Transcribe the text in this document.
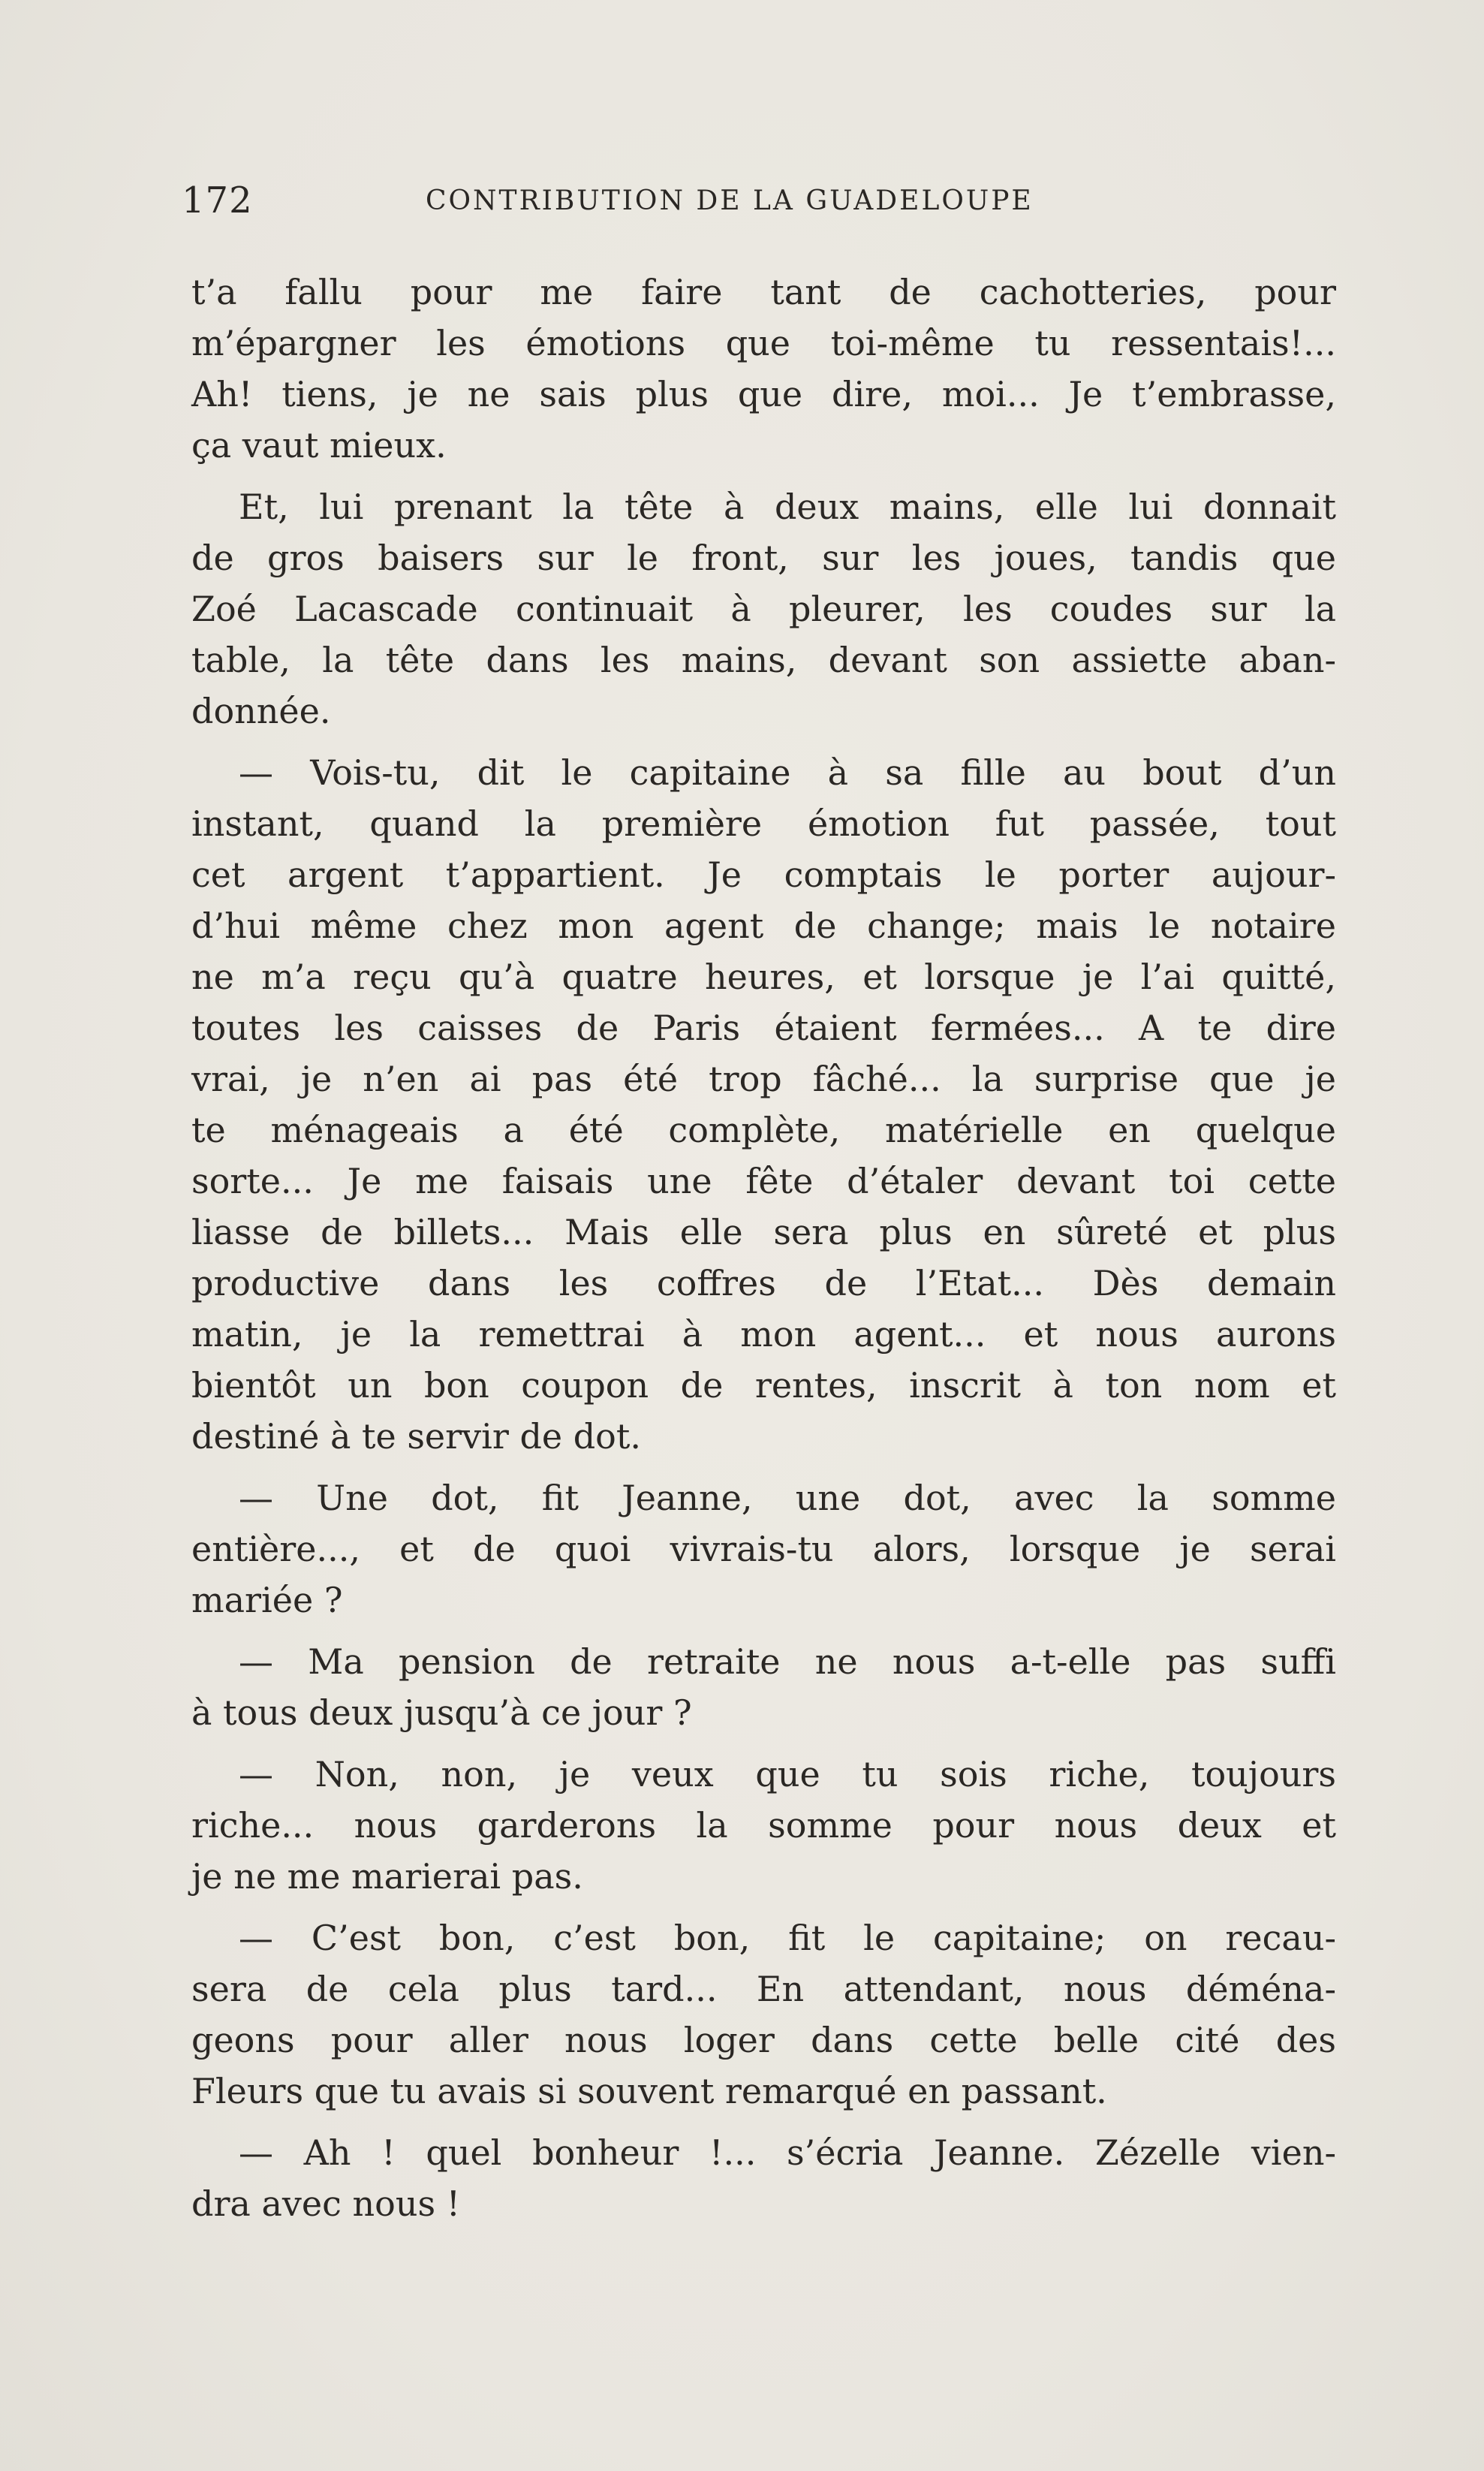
172	CONTRIBUTION DE LA GUADELOUPE
t’a fallu pour me faire tant de cachotteries, pour
m’épargner les émotions que toi-même tu ressentais!...
Ah! tiens, je ne sais plus que dire, moi... Je t’embrasse,
ça vaut mieux.
Et, lui prenant la tête à deux mains, elle lui donnait
de gros baisers sur le front, sur les joues, tandis que
Zoé Lacascade continuait à pleurer, les coudes sur la
table, la tête dans les mains, devant son assiette aban-
donnée.
— Vois-tu, dit le capitaine à sa fille au bout d’un
instant, quand la première émotion fut passée, tout
cet argent t’appartient. Je comptais le porter aujour-
d’hui même chez mon agent de change; mais le notaire
ne m’a reçu qu’à quatre heures, et lorsque je l’ai quitté,
toutes les caisses de Paris étaient fermées... A te dire
vrai, je n’en ai pas été trop fâché... la surprise que je
te ménageais a été complète, matérielle en quelque
sorte... Je me faisais une fête d’étaler devant toi cette
liasse de billets... Mais elle sera plus en sûreté et plus
productive dans les coffres de l’Etat... Dès demain
matin, je la remettrai à mon agent... et nous aurons
bientôt un bon coupon de rentes, inscrit à ton nom et
destiné à te servir de dot.
— Une dot, fit Jeanne, une dot, avec la somme
entière..., et de quoi vivrais-tu alors, lorsque je serai
mariée ?
— Ma pension de retraite ne nous a-t-elle pas suffi
à tous deux jusqu’à ce jour ?
— Non, non, je veux que tu sois riche, toujours
riche... nous garderons la somme pour nous deux et
je ne me marierai pas.
— C’est bon, c’est bon, fit le capitaine; on recau-
sera de cela plus tard... En attendant, nous déména-
geons pour aller nous loger dans cette belle cité des
Fleurs que tu avais si souvent remarqué en passant.
— Ah ! quel bonheur !... s’écria Jeanne. Zézelle vien-
dra avec nous !
